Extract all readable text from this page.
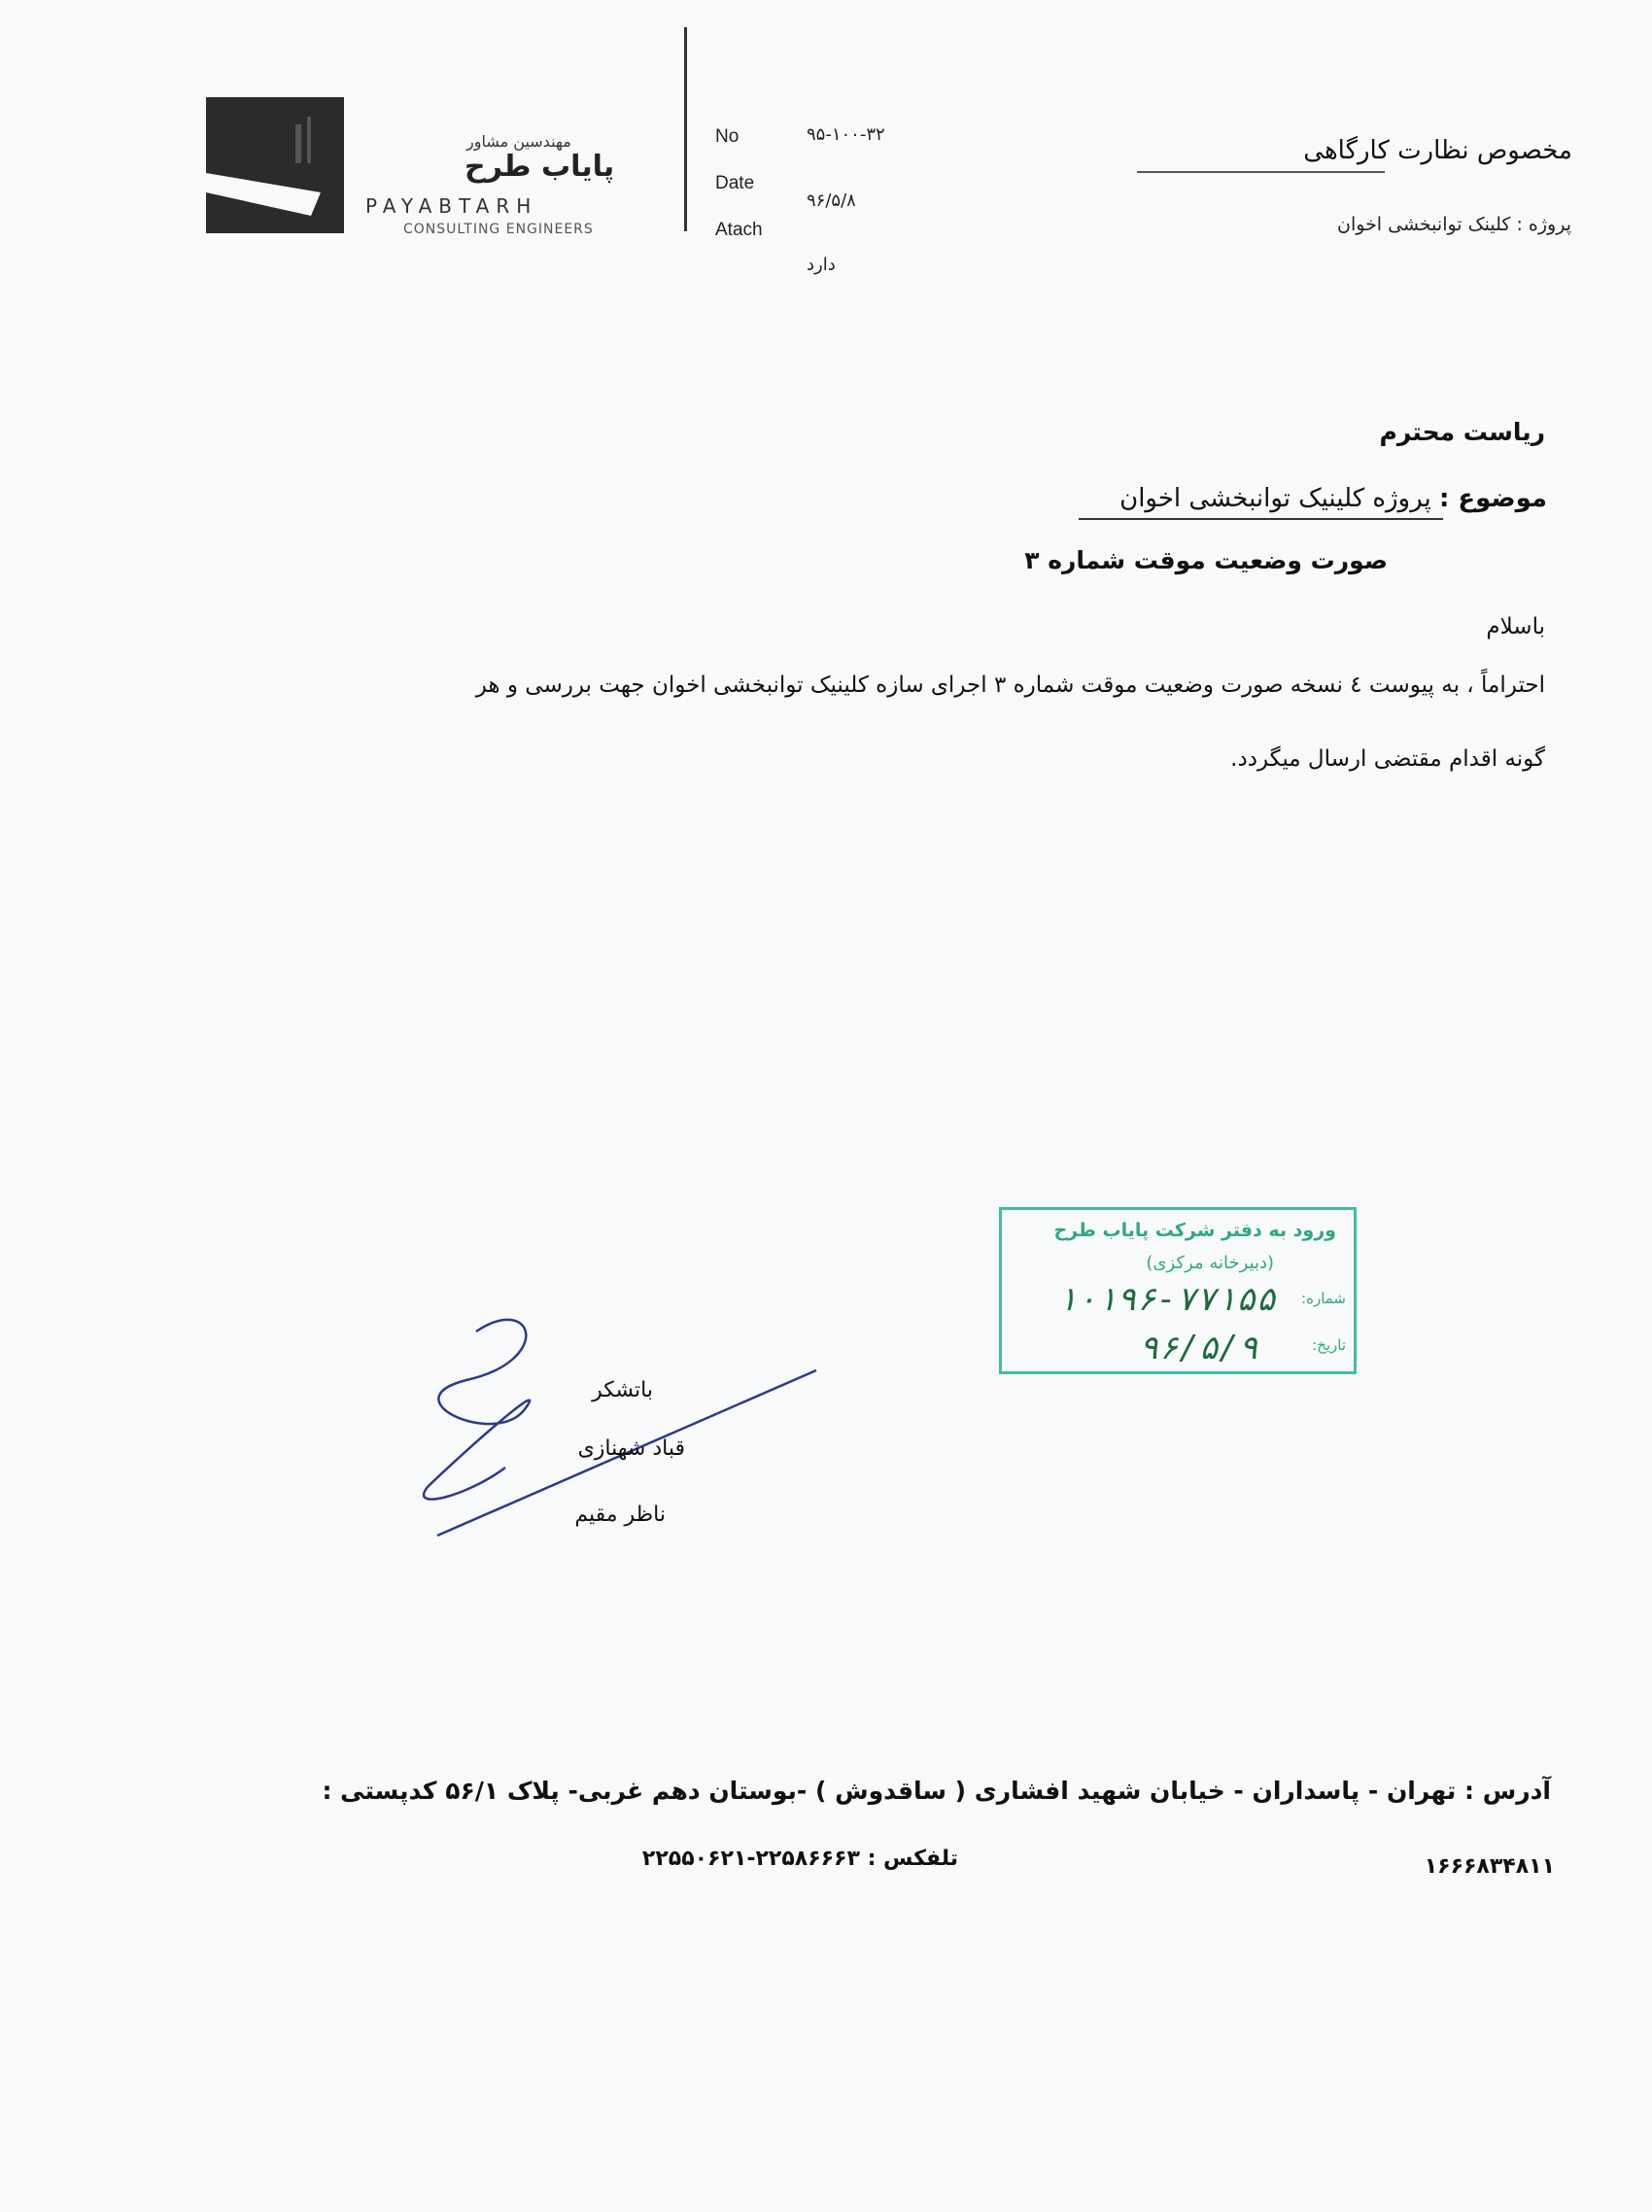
مهندسین مشاور
پایاب طرح
PAYABTARH
CONSULTING ENGINEERS
No	۹۵-۱۰۰-۳۲
Date
۹۶/۵/۸
Atach
دارد
مخصوص نظارت کارگاهی
پروژه : کلینک توانبخشی اخوان
ریاست محترم
موضوع : پروژه کلینیک توانبخشی اخوان
صورت وضعیت موقت شماره ۳
باسلام
احتراماً ، به پیوست ٤ نسخه صورت وضعیت موقت شماره ۳ اجرای سازه کلینیک توانبخشی اخوان جهت بررسی و هر
گونه اقدام مقتضی ارسال میگردد.
ورود به دفتر شرکت پایاب طرح
(دبیرخانه مرکزی)
شماره:
۱۰۱۹۶-۷۷۱۵۵
تاریخ:
۹۶/۵/۹
باتشکر
قباد شهنازی
ناظر مقیم
آدرس : تهران - پاسداران - خیابان شهید افشاری ( ساقدوش ) -بوستان دهم غربی- پلاک ۵۶/۱ کدپستی :
تلفکس : ۲۲۵۸۶۶۶۳-۲۲۵۵۰۶۲۱	۱۶۶۶۸۳۴۸۱۱
